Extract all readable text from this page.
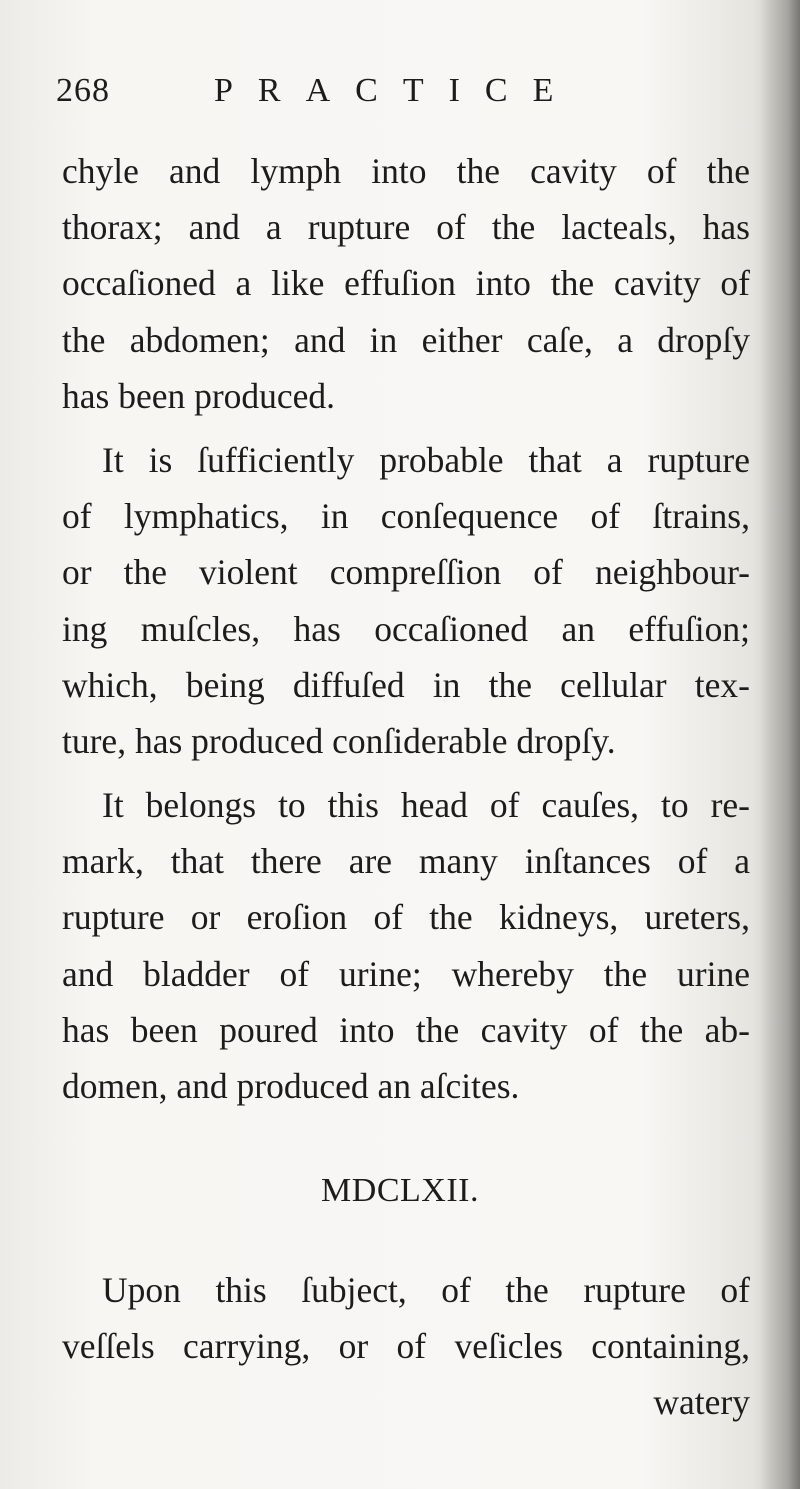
268	PRACTICE
chyle and lymph into the cavity of the
thorax; and a rupture of the lacteals, has
occaſioned a like effuſion into the cavity of
the abdomen; and in either caſe, a dropſy
has been produced.
It is ſufficiently probable that a rupture
of lymphatics, in conſequence of ſtrains,
or the violent compreſſion of neighbour-
ing muſcles, has occaſioned an effuſion;
which, being diffuſed in the cellular tex-
ture, has produced conſiderable dropſy.
It belongs to this head of cauſes, to re-
mark, that there are many inſtances of a
rupture or eroſion of the kidneys, ureters,
and bladder of urine; whereby the urine
has been poured into the cavity of the ab-
domen, and produced an aſcites.
MDCLXII.
Upon this ſubject, of the rupture of
veſſels carrying, or of veſicles containing,
watery
